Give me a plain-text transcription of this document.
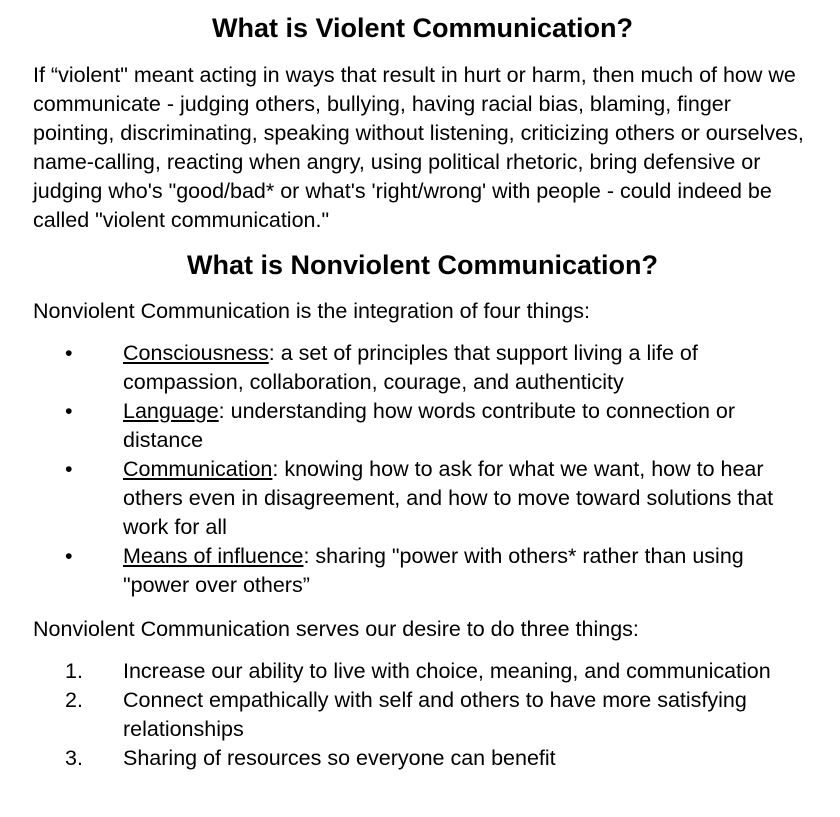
What is Violent Communication?

If “violent" meant acting in ways that result in hurt or harm, then much of how we communicate - judging others, bullying, having racial bias, blaming, finger pointing, discriminating, speaking without listening, criticizing others or ourselves, name-calling, reacting when angry, using political rhetoric, bring defensive or judging who's "good/bad* or what's 'right/wrong' with people - could indeed be called "violent communication."

What is Nonviolent Communication?

Nonviolent Communication is the integration of four things:

•	Consciousness: a set of principles that support living a life of compassion, collaboration, courage, and authenticity
•	Language: understanding how words contribute to connection or distance
•	Communication: knowing how to ask for what we want, how to hear others even in disagreement, and how to move toward solutions that work for all
•	Means of influence: sharing "power with others* rather than using "power over others”

Nonviolent Communication serves our desire to do three things:

1.	Increase our ability to live with choice, meaning, and communication
2.	Connect empathically with self and others to have more satisfying relationships
3.	Sharing of resources so everyone can benefit
